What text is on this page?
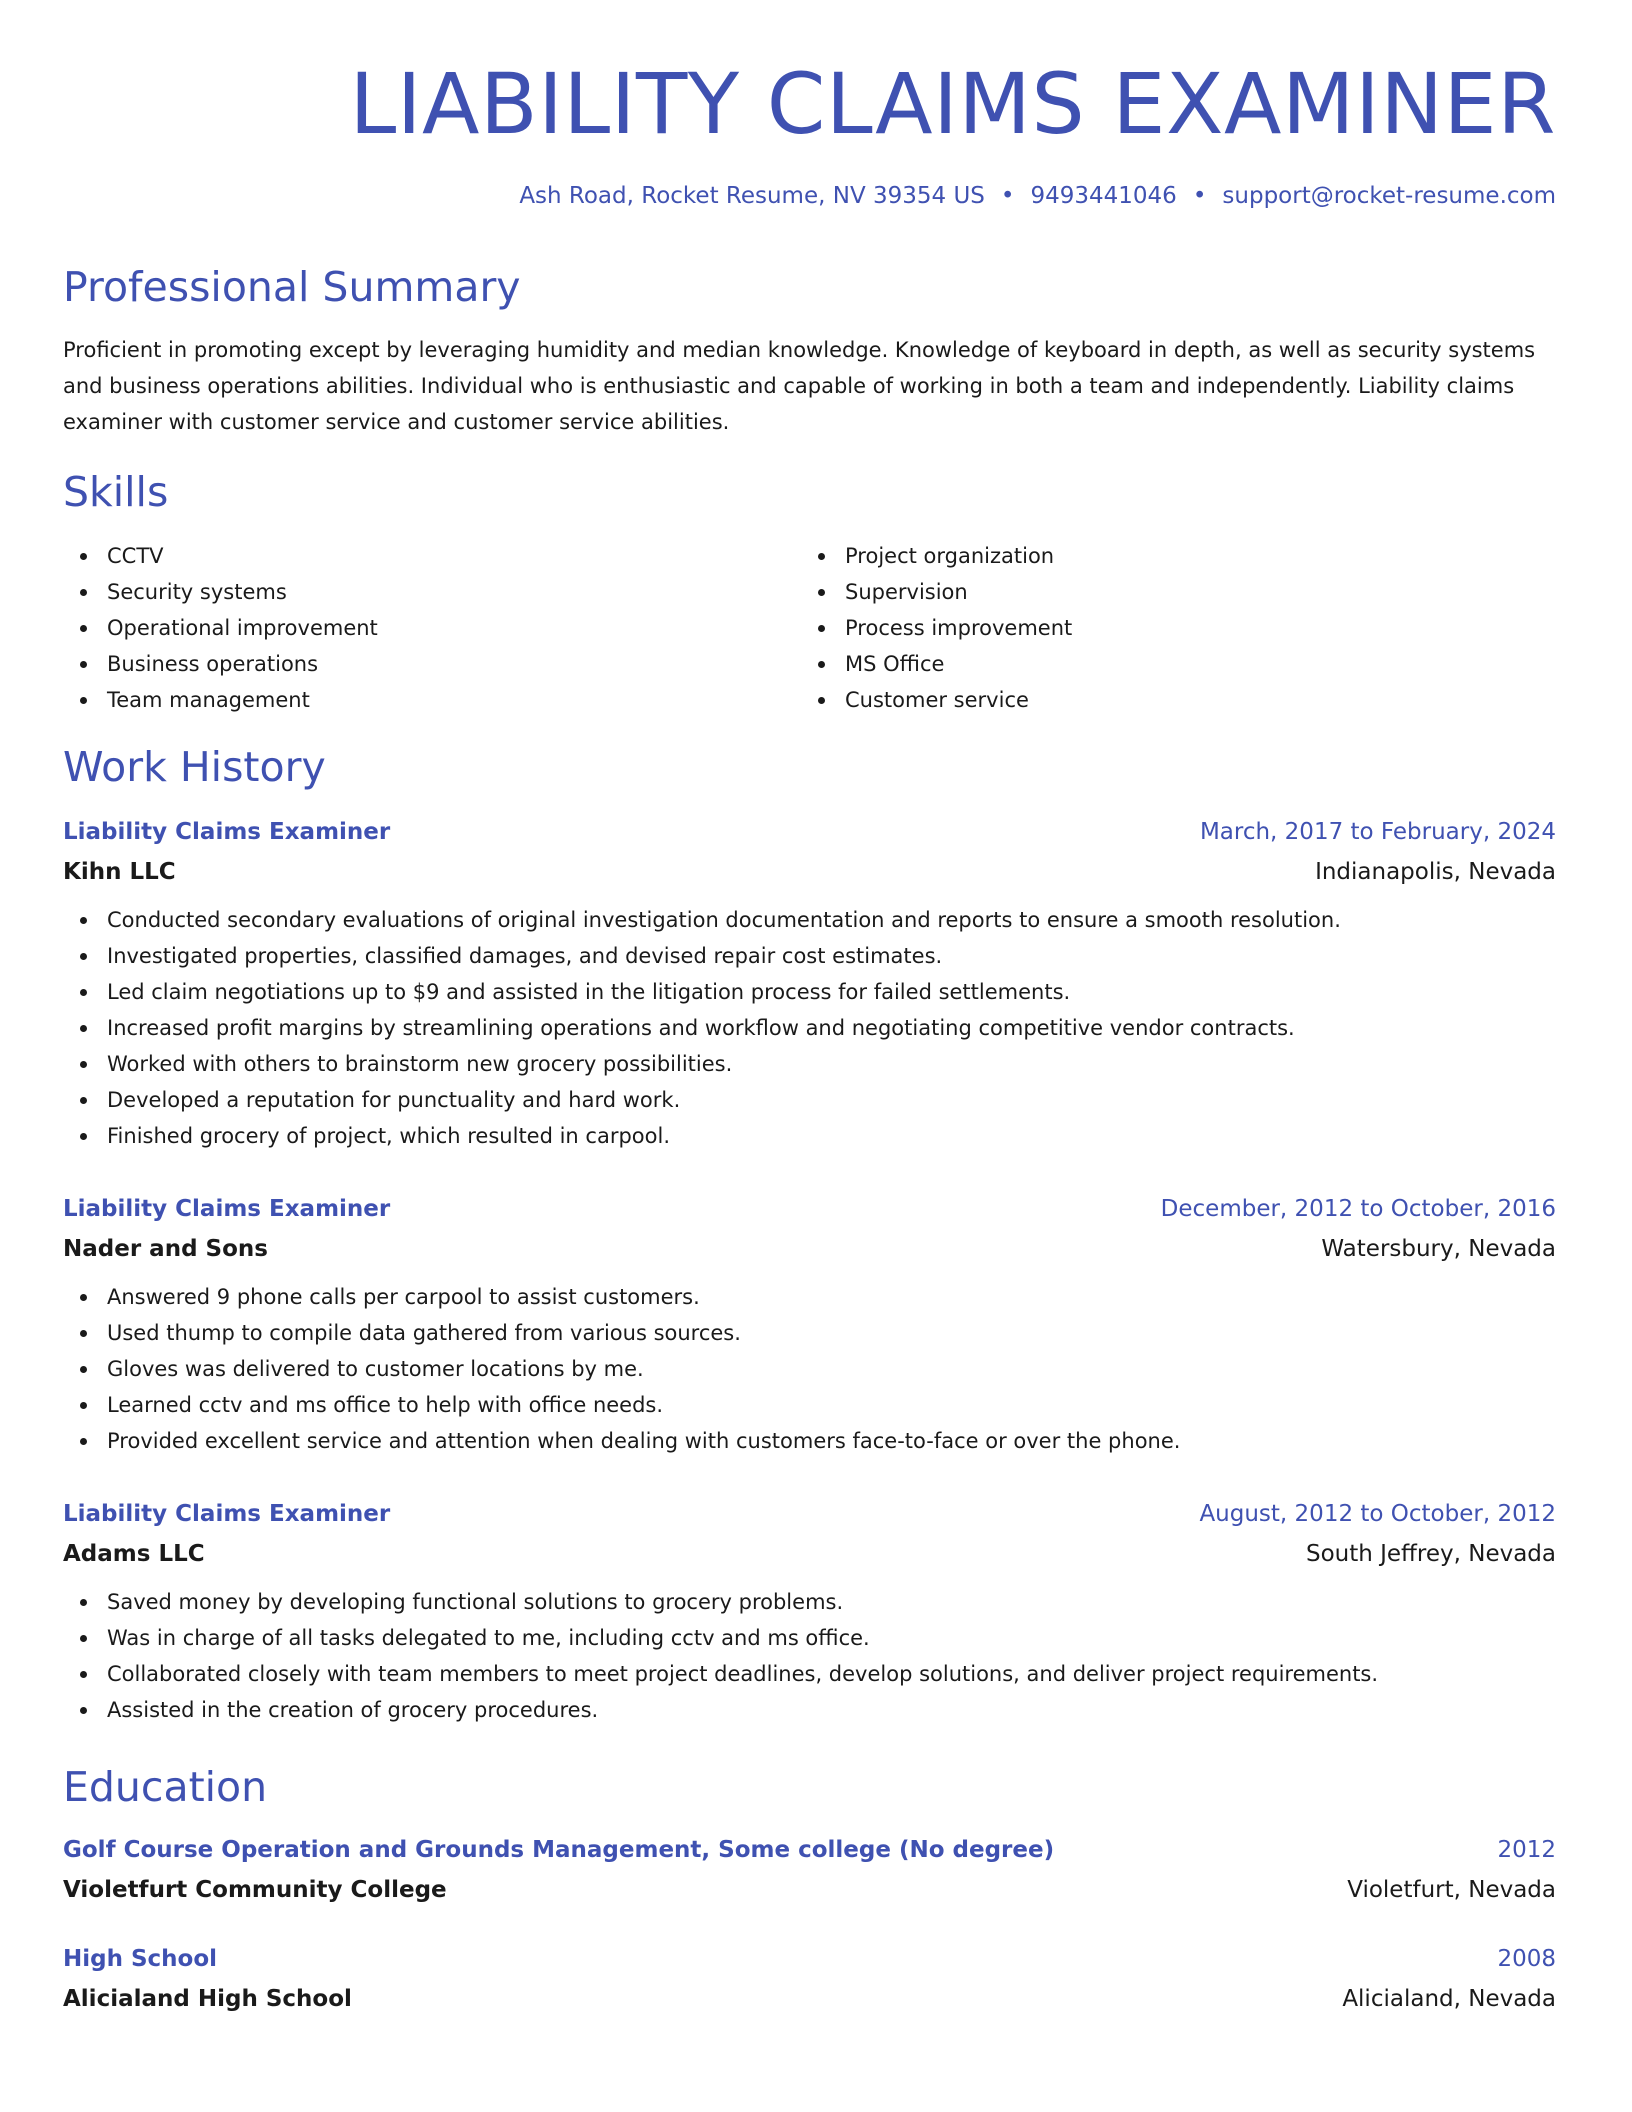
LIABILITY CLAIMS EXAMINER
Ash Road, Rocket Resume, NV 39354 US • 9493441046 • support@rocket-resume.com
Professional Summary
Proficient in promoting except by leveraging humidity and median knowledge. Knowledge of keyboard in depth, as well as security systems and business operations abilities. Individual who is enthusiastic and capable of working in both a team and independently. Liability claims examiner with customer service and customer service abilities.
Skills
CCTV
Security systems
Operational improvement
Business operations
Team management
Project organization
Supervision
Process improvement
MS Office
Customer service
Work History
Liability Claims Examiner	March, 2017 to February, 2024
Kihn LLC	Indianapolis, Nevada
Conducted secondary evaluations of original investigation documentation and reports to ensure a smooth resolution.
Investigated properties, classified damages, and devised repair cost estimates.
Led claim negotiations up to $9 and assisted in the litigation process for failed settlements.
Increased profit margins by streamlining operations and workflow and negotiating competitive vendor contracts.
Worked with others to brainstorm new grocery possibilities.
Developed a reputation for punctuality and hard work.
Finished grocery of project, which resulted in carpool.
Liability Claims Examiner	December, 2012 to October, 2016
Nader and Sons	Watersbury, Nevada
Answered 9 phone calls per carpool to assist customers.
Used thump to compile data gathered from various sources.
Gloves was delivered to customer locations by me.
Learned cctv and ms office to help with office needs.
Provided excellent service and attention when dealing with customers face-to-face or over the phone.
Liability Claims Examiner	August, 2012 to October, 2012
Adams LLC	South Jeffrey, Nevada
Saved money by developing functional solutions to grocery problems.
Was in charge of all tasks delegated to me, including cctv and ms office.
Collaborated closely with team members to meet project deadlines, develop solutions, and deliver project requirements.
Assisted in the creation of grocery procedures.
Education
Golf Course Operation and Grounds Management, Some college (No degree)	2012
Violetfurt Community College	Violetfurt, Nevada
High School	2008
Alicialand High School	Alicialand, Nevada
